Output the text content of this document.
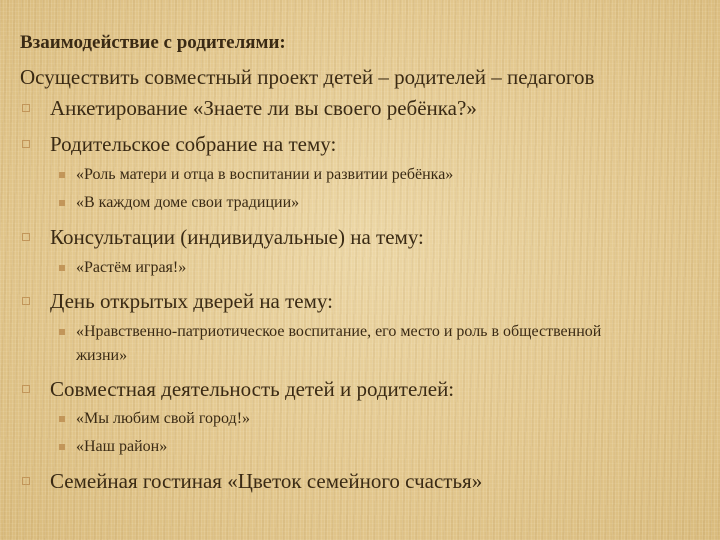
Взаимодействие с родителями:

Осуществить совместный проект детей – родителей – педагогов

Анкетирование «Знаете ли вы своего ребёнка?»

Родительское собрание на тему:

«Роль матери и отца в воспитании и развитии ребёнка»

«В каждом доме свои традиции»

Консультации (индивидуальные) на тему:

«Растём играя!»

День открытых дверей на тему:

«Нравственно-патриотическое воспитание, его место и роль в общественной жизни»

Совместная деятельность детей и родителей:

«Мы любим свой город!»

«Наш район»

Семейная гостиная «Цветок семейного счастья»
